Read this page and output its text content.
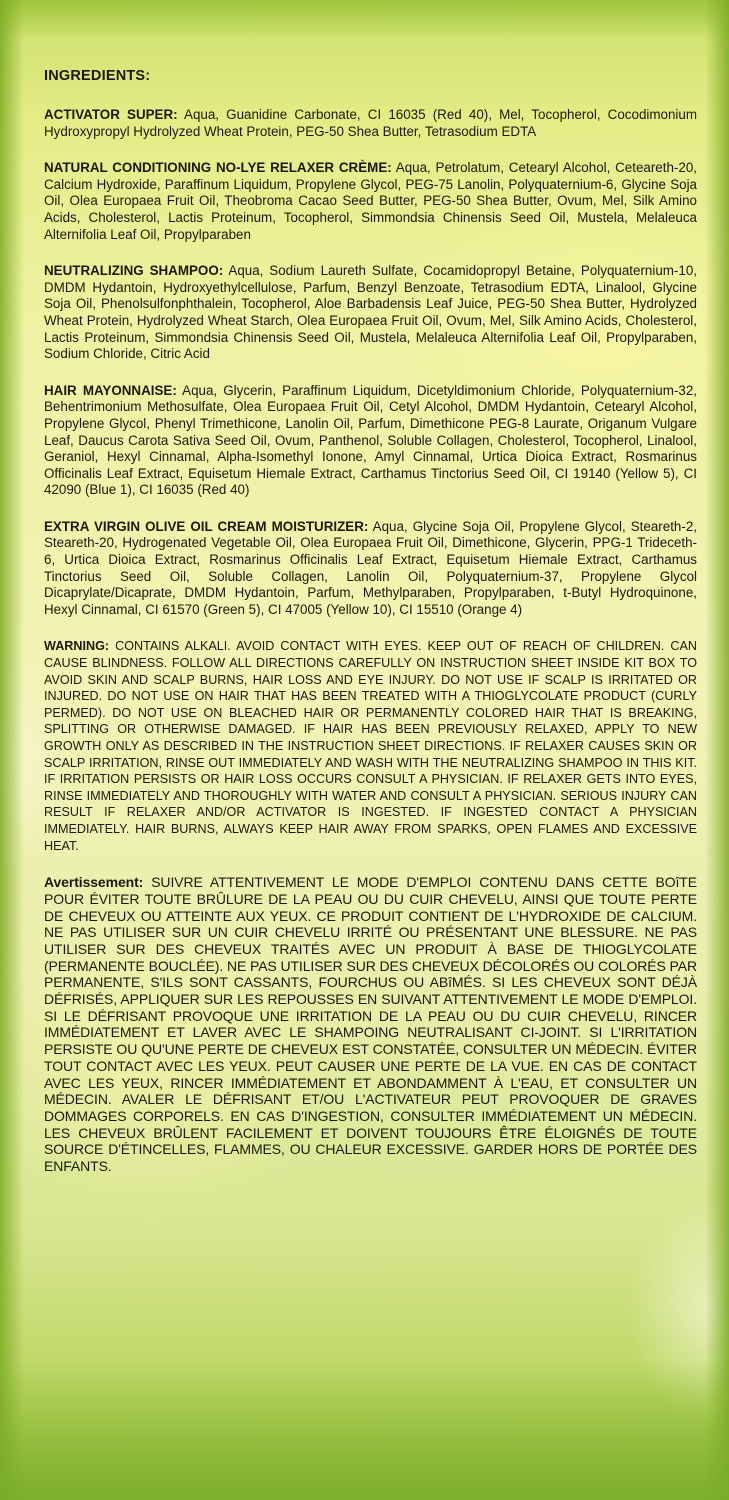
INGREDIENTS:

ACTIVATOR SUPER: Aqua, Guanidine Carbonate, CI 16035 (Red 40), Mel, Tocopherol, Cocodimonium Hydroxypropyl Hydrolyzed Wheat Protein, PEG-50 Shea Butter, Tetrasodium EDTA

NATURAL CONDITIONING NO-LYE RELAXER CRÈME: Aqua, Petrolatum, Cetearyl Alcohol, Ceteareth-20, Calcium Hydroxide, Paraffinum Liquidum, Propylene Glycol, PEG-75 Lanolin, Polyquaternium-6, Glycine Soja Oil, Olea Europaea Fruit Oil, Theobroma Cacao Seed Butter, PEG-50 Shea Butter, Ovum, Mel, Silk Amino Acids, Cholesterol, Lactis Proteinum, Tocopherol, Simmondsia Chinensis Seed Oil, Mustela, Melaleuca Alternifolia Leaf Oil, Propylparaben

NEUTRALIZING SHAMPOO: Aqua, Sodium Laureth Sulfate, Cocamidopropyl Betaine, Polyquaternium-10, DMDM Hydantoin, Hydroxyethylcellulose, Parfum, Benzyl Benzoate, Tetrasodium EDTA, Linalool, Glycine Soja Oil, Phenolsulfonphthalein, Tocopherol, Aloe Barbadensis Leaf Juice, PEG-50 Shea Butter, Hydrolyzed Wheat Protein, Hydrolyzed Wheat Starch, Olea Europaea Fruit Oil, Ovum, Mel, Silk Amino Acids, Cholesterol, Lactis Proteinum, Simmondsia Chinensis Seed Oil, Mustela, Melaleuca Alternifolia Leaf Oil, Propylparaben, Sodium Chloride, Citric Acid

HAIR MAYONNAISE: Aqua, Glycerin, Paraffinum Liquidum, Dicetyldimonium Chloride, Polyquaternium-32, Behentrimonium Methosulfate, Olea Europaea Fruit Oil, Cetyl Alcohol, DMDM Hydantoin, Cetearyl Alcohol, Propylene Glycol, Phenyl Trimethicone, Lanolin Oil, Parfum, Dimethicone PEG-8 Laurate, Origanum Vulgare Leaf, Daucus Carota Sativa Seed Oil, Ovum, Panthenol, Soluble Collagen, Cholesterol, Tocopherol, Linalool, Geraniol, Hexyl Cinnamal, Alpha-Isomethyl Ionone, Amyl Cinnamal, Urtica Dioica Extract, Rosmarinus Officinalis Leaf Extract, Equisetum Hiemale Extract, Carthamus Tinctorius Seed Oil, CI 19140 (Yellow 5), CI 42090 (Blue 1), CI 16035 (Red 40)

EXTRA VIRGIN OLIVE OIL CREAM MOISTURIZER: Aqua, Glycine Soja Oil, Propylene Glycol, Steareth-2, Steareth-20, Hydrogenated Vegetable Oil, Olea Europaea Fruit Oil, Dimethicone, Glycerin, PPG-1 Trideceth-6, Urtica Dioica Extract, Rosmarinus Officinalis Leaf Extract, Equisetum Hiemale Extract, Carthamus Tinctorius Seed Oil, Soluble Collagen, Lanolin Oil, Polyquaternium-37, Propylene Glycol Dicaprylate/Dicaprate, DMDM Hydantoin, Parfum, Methylparaben, Propylparaben, t-Butyl Hydroquinone, Hexyl Cinnamal, CI 61570 (Green 5), CI 47005 (Yellow 10), CI 15510 (Orange 4)

WARNING: CONTAINS ALKALI. AVOID CONTACT WITH EYES. KEEP OUT OF REACH OF CHILDREN. CAN CAUSE BLINDNESS. FOLLOW ALL DIRECTIONS CAREFULLY ON INSTRUCTION SHEET INSIDE KIT BOX TO AVOID SKIN AND SCALP BURNS, HAIR LOSS AND EYE INJURY. DO NOT USE IF SCALP IS IRRITATED OR INJURED. DO NOT USE ON HAIR THAT HAS BEEN TREATED WITH A THIOGLYCOLATE PRODUCT (CURLY PERMED). DO NOT USE ON BLEACHED HAIR OR PERMANENTLY COLORED HAIR THAT IS BREAKING, SPLITTING OR OTHERWISE DAMAGED. IF HAIR HAS BEEN PREVIOUSLY RELAXED, APPLY TO NEW GROWTH ONLY AS DESCRIBED IN THE INSTRUCTION SHEET DIRECTIONS. IF RELAXER CAUSES SKIN OR SCALP IRRITATION, RINSE OUT IMMEDIATELY AND WASH WITH THE NEUTRALIZING SHAMPOO IN THIS KIT. IF IRRITATION PERSISTS OR HAIR LOSS OCCURS CONSULT A PHYSICIAN. IF RELAXER GETS INTO EYES, RINSE IMMEDIATELY AND THOROUGHLY WITH WATER AND CONSULT A PHYSICIAN. SERIOUS INJURY CAN RESULT IF RELAXER AND/OR ACTIVATOR IS INGESTED. IF INGESTED CONTACT A PHYSICIAN IMMEDIATELY. HAIR BURNS, ALWAYS KEEP HAIR AWAY FROM SPARKS, OPEN FLAMES AND EXCESSIVE HEAT.

Avertissement: SUIVRE ATTENTIVEMENT LE MODE D'EMPLOI CONTENU DANS CETTE BOîTE POUR ÉVITER TOUTE BRÛLURE DE LA PEAU OU DU CUIR CHEVELU, AINSI QUE TOUTE PERTE DE CHEVEUX OU ATTEINTE AUX YEUX. CE PRODUIT CONTIENT DE L'HYDROXIDE DE CALCIUM. NE PAS UTILISER SUR UN CUIR CHEVELU IRRITÉ OU PRÉSENTANT UNE BLESSURE. NE PAS UTILISER SUR DES CHEVEUX TRAITÉS AVEC UN PRODUIT À BASE DE THIOGLYCOLATE (PERMANENTE BOUCLÉE). NE PAS UTILISER SUR DES CHEVEUX DÉCOLORÉS OU COLORÉS PAR PERMANENTE, S'ILS SONT CASSANTS, FOURCHUS OU ABîMÉS. SI LES CHEVEUX SONT DÉJÀ DÉFRISÉS, APPLIQUER SUR LES REPOUSSES EN SUIVANT ATTENTIVEMENT LE MODE D'EMPLOI. SI LE DÉFRISANT PROVOQUE UNE IRRITATION DE LA PEAU OU DU CUIR CHEVELU, RINCER IMMÉDIATEMENT ET LAVER AVEC LE SHAMPOING NEUTRALISANT CI-JOINT. SI L'IRRITATION PERSISTE OU QU'UNE PERTE DE CHEVEUX EST CONSTATÉE, CONSULTER UN MÉDECIN. ÉVITER TOUT CONTACT AVEC LES YEUX. PEUT CAUSER UNE PERTE DE LA VUE. EN CAS DE CONTACT AVEC LES YEUX, RINCER IMMÉDIATEMENT ET ABONDAMMENT À L'EAU, ET CONSULTER UN MÉDECIN. AVALER LE DÉFRISANT ET/OU L'ACTIVATEUR PEUT PROVOQUER DE GRAVES DOMMAGES CORPORELS. EN CAS D'INGESTION, CONSULTER IMMÉDIATEMENT UN MÉDECIN. LES CHEVEUX BRÛLENT FACILEMENT ET DOIVENT TOUJOURS ÊTRE ÉLOIGNÉS DE TOUTE SOURCE D'ÉTINCELLES, FLAMMES, OU CHALEUR EXCESSIVE. GARDER HORS DE PORTÉE DES ENFANTS.
